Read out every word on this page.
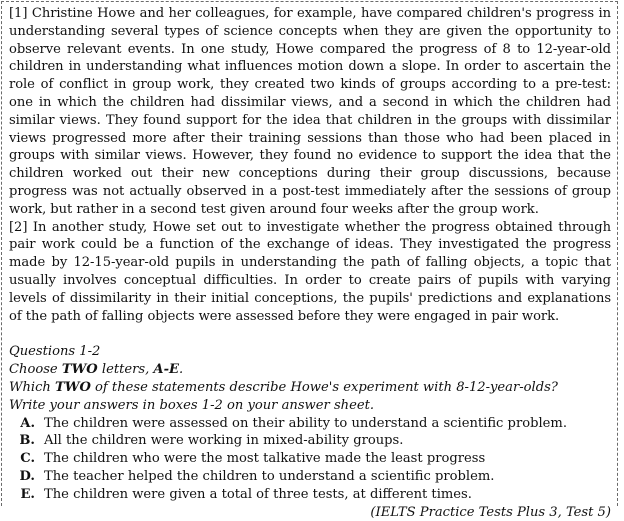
[1] Christine Howe and her colleagues, for example, have compared children's progress in understanding several types of science concepts when they are given the opportunity to observe relevant events. In one study, Howe compared the progress of 8 to 12-year-old children in understanding what influences motion down a slope. In order to ascertain the role of conflict in group work, they created two kinds of groups according to a pre-test: one in which the children had dissimilar views, and a second in which the children had similar views. They found support for the idea that children in the groups with dissimilar views progressed more after their training sessions than those who had been placed in groups with similar views. However, they found no evidence to support the idea that the children worked out their new conceptions during their group discussions, because progress was not actually observed in a post-test immediately after the sessions of group work, but rather in a second test given around four weeks after the group work.

[2] In another study, Howe set out to investigate whether the progress obtained through pair work could be a function of the exchange of ideas. They investigated the progress made by 12-15-year-old pupils in understanding the path of falling objects, a topic that usually involves conceptual difficulties. In order to create pairs of pupils with varying levels of dissimilarity in their initial conceptions, the pupils' predictions and explanations of the path of falling objects were assessed before they were engaged in pair work.

Questions 1-2
Choose TWO letters, A-E.
Which TWO of these statements describe Howe's experiment with 8-12-year-olds?
Write your answers in boxes 1-2 on your answer sheet.
A. The children were assessed on their ability to understand a scientific problem.
B. All the children were working in mixed-ability groups.
C. The children who were the most talkative made the least progress
D. The teacher helped the children to understand a scientific problem.
E. The children were given a total of three tests, at different times.
(IELTS Practice Tests Plus 3, Test 5)
